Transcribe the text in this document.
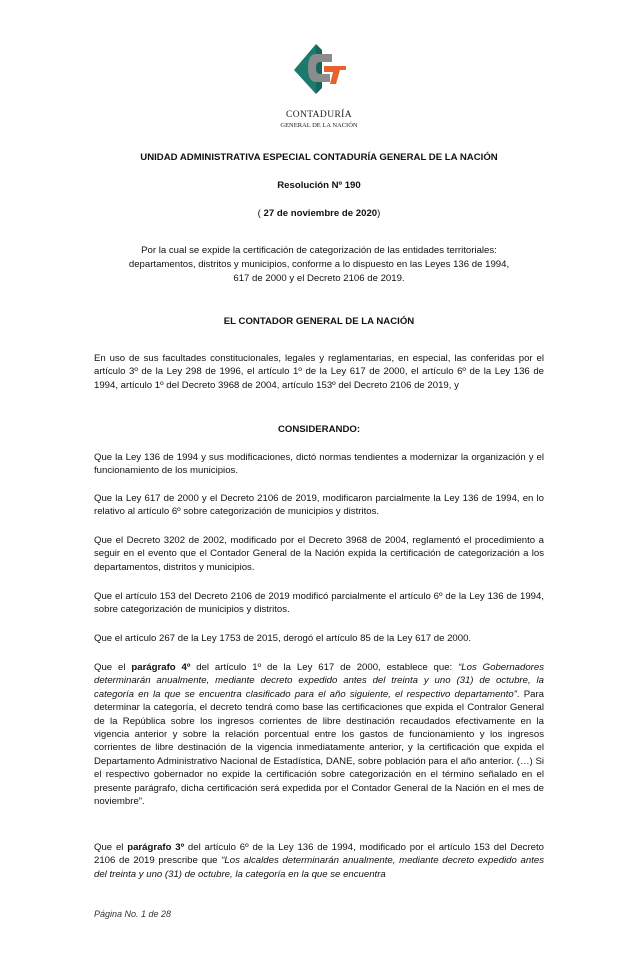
CONTADURÍA
GENERAL DE LA NACIÓN
UNIDAD ADMINISTRATIVA ESPECIAL CONTADURÍA GENERAL DE LA NACIÓN
Resolución Nº 190
( 27 de noviembre de 2020)
Por la cual se expide la certificación de categorización de las entidades territoriales:
departamentos, distritos y municipios, conforme a lo dispuesto en las Leyes 136 de 1994,
617 de 2000 y el Decreto 2106 de 2019.
EL CONTADOR GENERAL DE LA NACIÓN
En uso de sus facultades constitucionales, legales y reglamentarias, en especial, las conferidas por el artículo 3º de la Ley 298 de 1996, el artículo 1º de la Ley 617 de 2000, el artículo 6º de la Ley 136 de 1994, artículo 1º del Decreto 3968 de 2004, artículo 153º del Decreto 2106 de 2019, y
CONSIDERANDO:
Que la Ley 136 de 1994 y sus modificaciones, dictó normas tendientes a modernizar la organización y el funcionamiento de los municipios.
Que la Ley 617 de 2000 y el Decreto 2106 de 2019, modificaron parcialmente la Ley 136 de 1994, en lo relativo al artículo 6º sobre categorización de municipios y distritos.
Que el Decreto 3202 de 2002, modificado por el Decreto 3968 de 2004, reglamentó el procedimiento a seguir en el evento que el Contador General de la Nación expida la certificación de categorización a los departamentos, distritos y municipios.
Que el artículo 153 del Decreto 2106 de 2019 modificó parcialmente el artículo 6º de la Ley 136 de 1994, sobre categorización de municipios y distritos.
Que el artículo 267 de la Ley 1753 de 2015, derogó el artículo 85 de la Ley 617 de 2000.
Que el parágrafo 4º del artículo 1º de la Ley 617 de 2000, establece que: “Los Gobernadores determinarán anualmente, mediante decreto expedido antes del treinta y uno (31) de octubre, la categoría en la que se encuentra clasificado para el año siguiente, el respectivo departamento”. Para determinar la categoría, el decreto tendrá como base las certificaciones que expida el Contralor General de la República sobre los ingresos corrientes de libre destinación recaudados efectivamente en la vigencia anterior y sobre la relación porcentual entre los gastos de funcionamiento y los ingresos corrientes de libre destinación de la vigencia inmediatamente anterior, y la certificación que expida el Departamento Administrativo Nacional de Estadística, DANE, sobre población para el año anterior. (…) Si el respectivo gobernador no expide la certificación sobre categorización en el término señalado en el presente parágrafo, dicha certificación será expedida por el Contador General de la Nación en el mes de noviembre”.
Que el parágrafo 3º del artículo 6º de la Ley 136 de 1994, modificado por el artículo 153 del Decreto 2106 de 2019 prescribe que “Los alcaldes determinarán anualmente, mediante decreto expedido antes del treinta y uno (31) de octubre, la categoría en la que se encuentra
Página No. 1 de 28
